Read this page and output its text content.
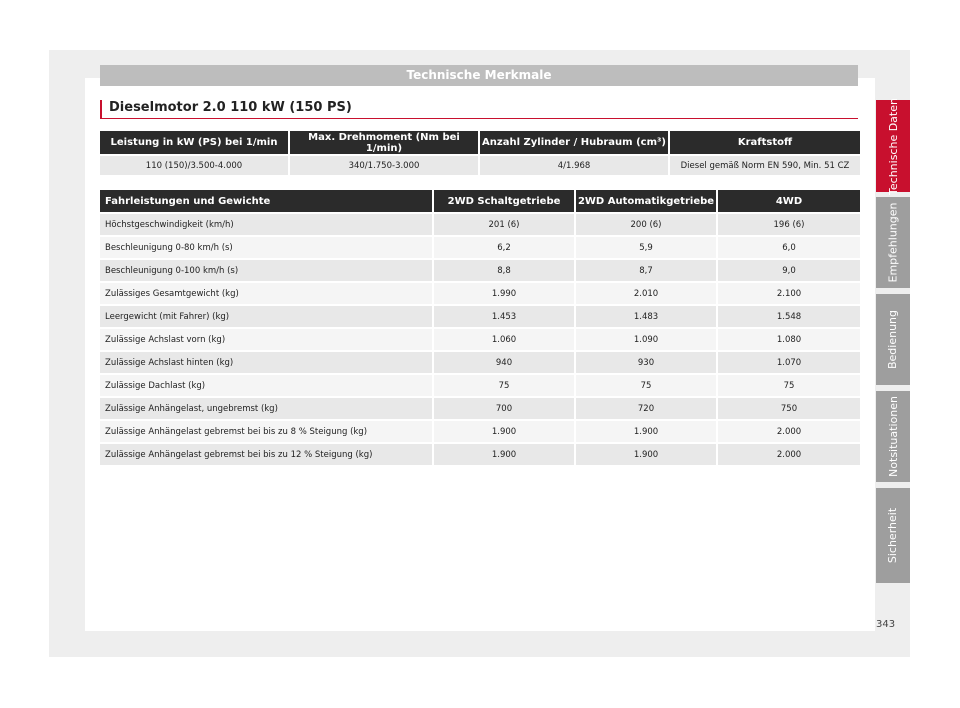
Technische Merkmale
Dieselmotor 2.0 110 kW (150 PS)
Leistung in kW (PS) bei 1/min	Max. Drehmoment (Nm bei 1/min)	Anzahl Zylinder / Hubraum (cm³)	Kraftstoff
110 (150)/3.500-4.000	340/1.750-3.000	4/1.968	Diesel gemäß Norm EN 590, Min. 51 CZ
Fahrleistungen und Gewichte	2WD Schaltgetriebe	2WD Automatikgetriebe	4WD
Höchstgeschwindigkeit (km/h)	201 (6)	200 (6)	196 (6)
Beschleunigung 0-80 km/h (s)	6,2	5,9	6,0
Beschleunigung 0-100 km/h (s)	8,8	8,7	9,0
Zulässiges Gesamtgewicht (kg)	1.990	2.010	2.100
Leergewicht (mit Fahrer) (kg)	1.453	1.483	1.548
Zulässige Achslast vorn (kg)	1.060	1.090	1.080
Zulässige Achslast hinten (kg)	940	930	1.070
Zulässige Dachlast (kg)	75	75	75
Zulässige Anhängelast, ungebremst (kg)	700	720	750
Zulässige Anhängelast gebremst bei bis zu 8 % Steigung (kg)	1.900	1.900	2.000
Zulässige Anhängelast gebremst bei bis zu 12 % Steigung (kg)	1.900	1.900	2.000
Technische Daten
Empfehlungen
Bedienung
Notsituationen
Sicherheit
343
